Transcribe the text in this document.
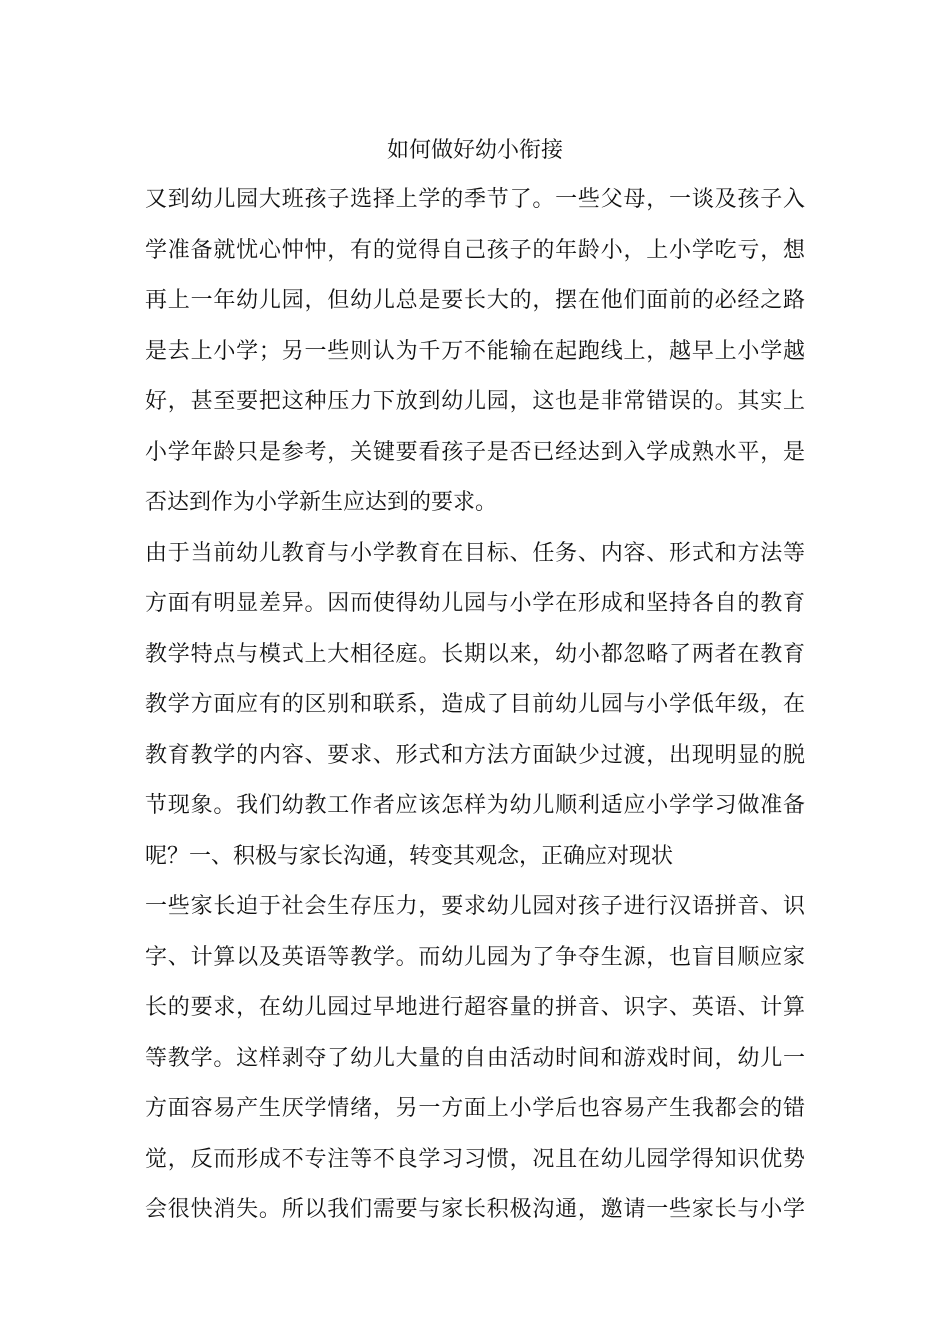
如何做好幼小衔接
又到幼儿园大班孩子选择上学的季节了。一些父母，一谈及孩子入
学准备就忧心忡忡，有的觉得自己孩子的年龄小，上小学吃亏，想
再上一年幼儿园，但幼儿总是要长大的，摆在他们面前的必经之路
是去上小学；另一些则认为千万不能输在起跑线上，越早上小学越
好，甚至要把这种压力下放到幼儿园，这也是非常错误的。其实上
小学年龄只是参考，关键要看孩子是否已经达到入学成熟水平，是
否达到作为小学新生应达到的要求。
由于当前幼儿教育与小学教育在目标、任务、内容、形式和方法等
方面有明显差异。因而使得幼儿园与小学在形成和坚持各自的教育
教学特点与模式上大相径庭。长期以来，幼小都忽略了两者在教育
教学方面应有的区别和联系，造成了目前幼儿园与小学低年级，在
教育教学的内容、要求、形式和方法方面缺少过渡，出现明显的脱
节现象。我们幼教工作者应该怎样为幼儿顺利适应小学学习做准备
呢？一、积极与家长沟通，转变其观念，正确应对现状
一些家长迫于社会生存压力，要求幼儿园对孩子进行汉语拼音、识
字、计算以及英语等教学。而幼儿园为了争夺生源，也盲目顺应家
长的要求，在幼儿园过早地进行超容量的拼音、识字、英语、计算
等教学。这样剥夺了幼儿大量的自由活动时间和游戏时间，幼儿一
方面容易产生厌学情绪，另一方面上小学后也容易产生我都会的错
觉，反而形成不专注等不良学习习惯，况且在幼儿园学得知识优势
会很快消失。所以我们需要与家长积极沟通，邀请一些家长与小学
